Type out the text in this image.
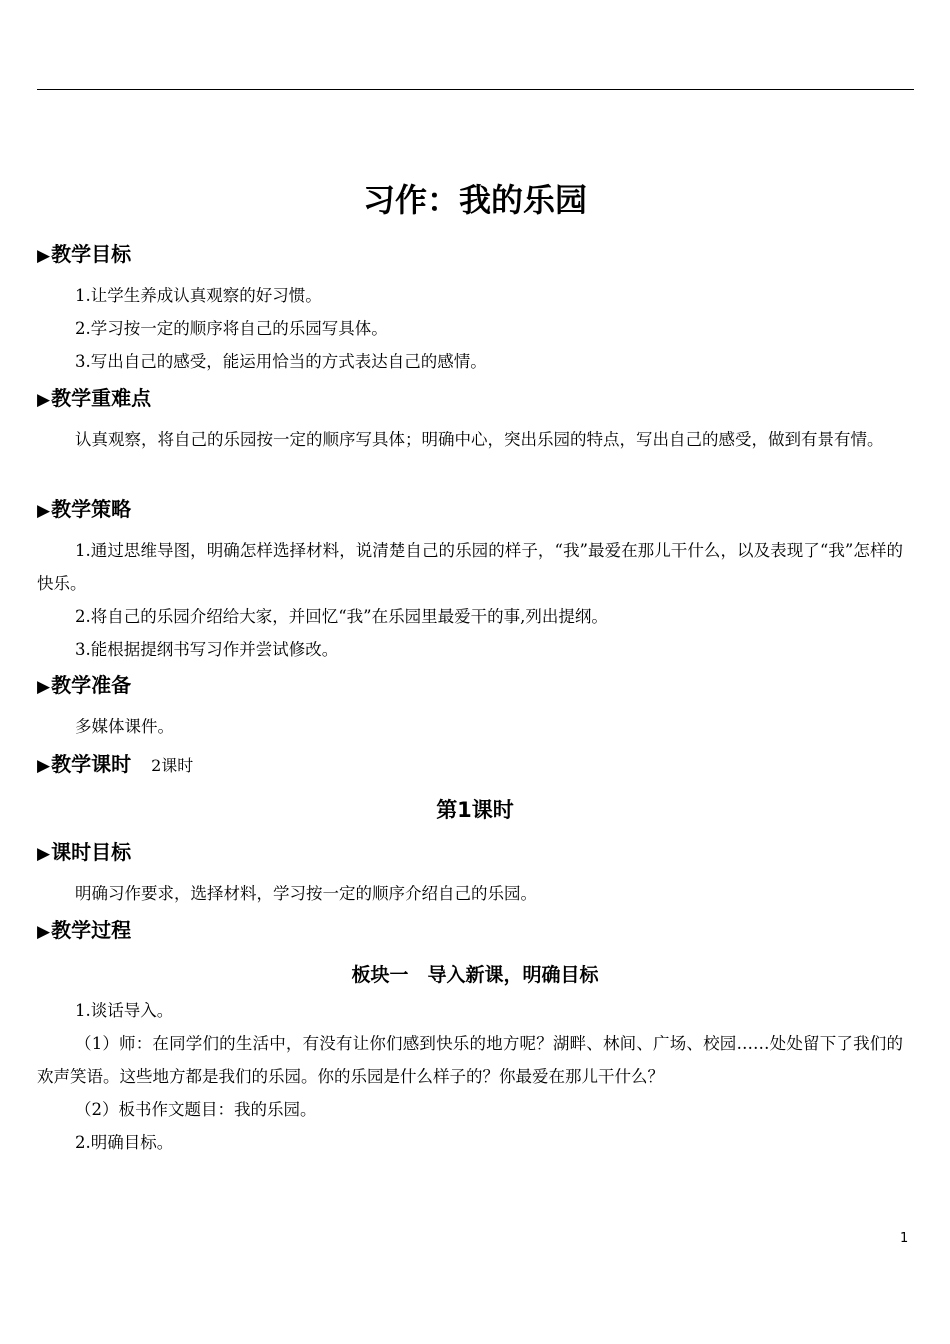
习作：我的乐园
▶教学目标
1.让学生养成认真观察的好习惯。
2.学习按一定的顺序将自己的乐园写具体。
3.写出自己的感受，能运用恰当的方式表达自己的感情。
▶教学重难点
认真观察，将自己的乐园按一定的顺序写具体；明确中心，突出乐园的特点，写出自己的感受，做到有景有情。
▶教学策略
1.通过思维导图，明确怎样选择材料，说清楚自己的乐园的样子，“我”最爱在那儿干什么，以及表现了“我”怎样的快乐。
2.将自己的乐园介绍给大家，并回忆“我”在乐园里最爱干的事,列出提纲。
3.能根据提纲书写习作并尝试修改。
▶教学准备
多媒体课件。
▶教学课时 2课时
第1课时
▶课时目标
明确习作要求，选择材料，学习按一定的顺序介绍自己的乐园。
▶教学过程
板块一　导入新课，明确目标
1.谈话导入。
（1）师：在同学们的生活中，有没有让你们感到快乐的地方呢？湖畔、林间、广场、校园……处处留下了我们的欢声笑语。这些地方都是我们的乐园。你的乐园是什么样子的？你最爱在那儿干什么？
（2）板书作文题目：我的乐园。
2.明确目标。
1
